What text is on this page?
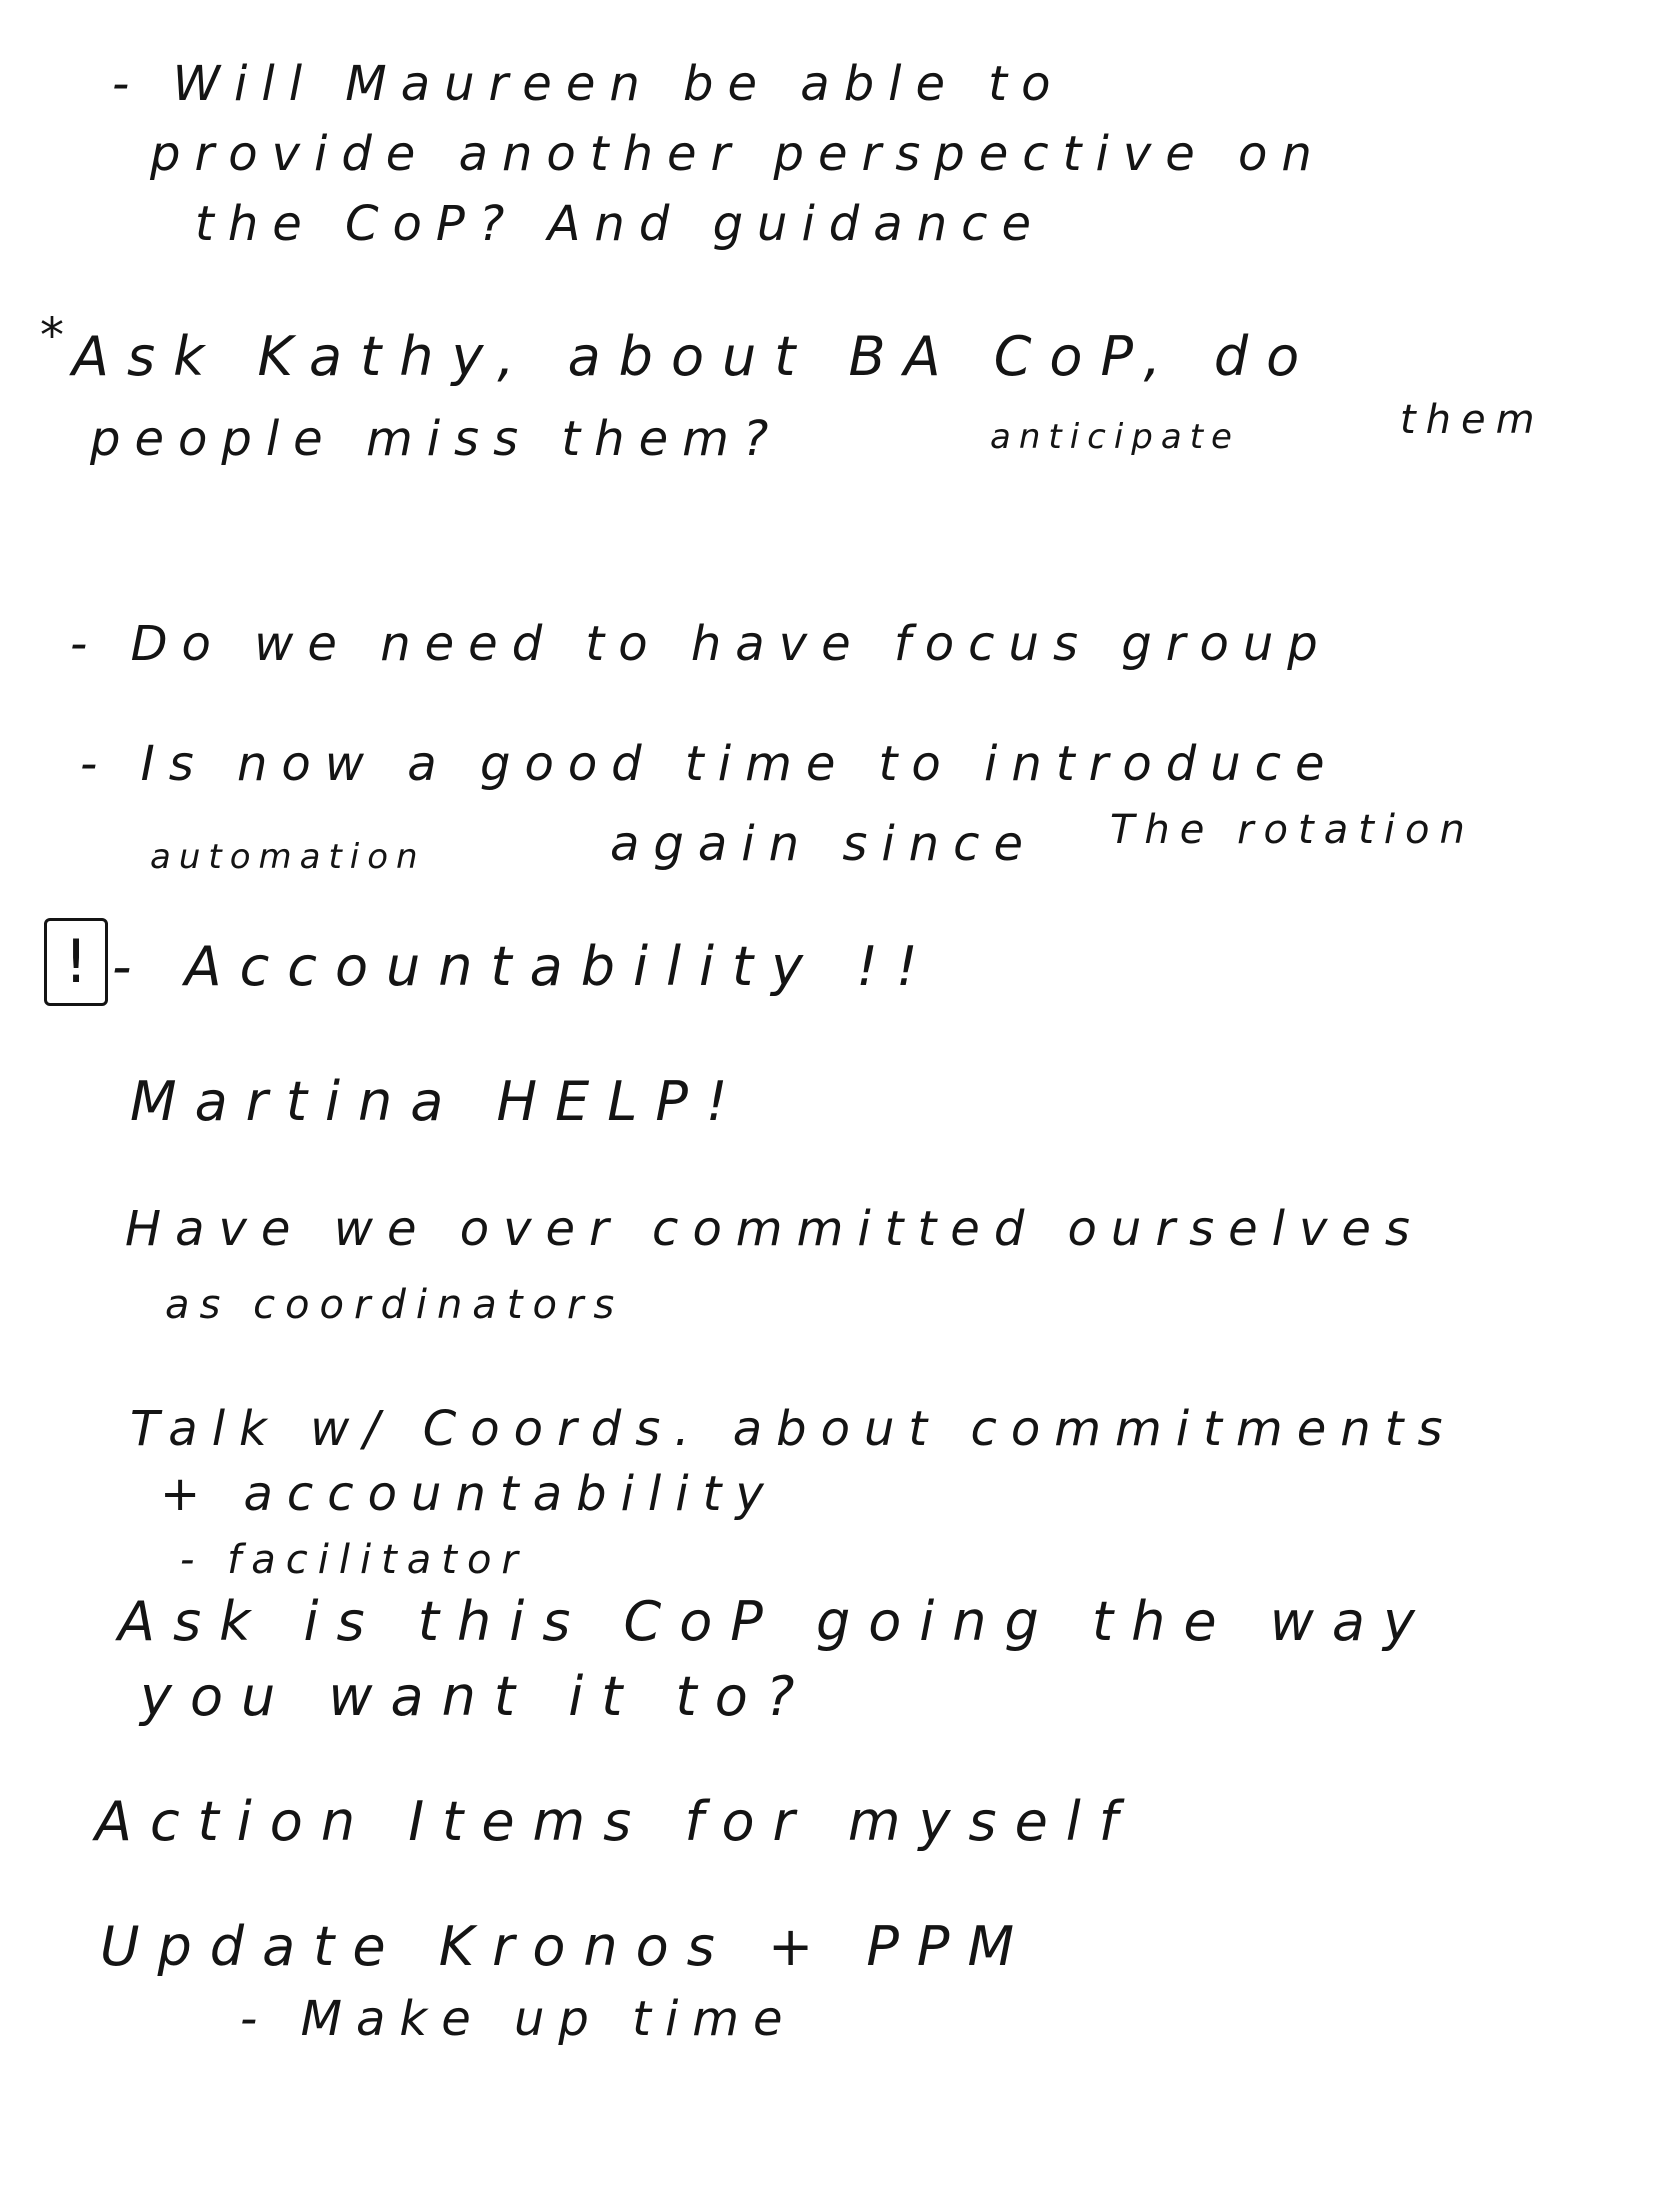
- Will Maureen be able to
provide another perspective on
the CoP? And guidance
*
Ask Kathy, about BA CoP, do
people miss them?	anticipate	them
- Do we need to have focus group
- Is now a good time to introduce
automation	again since The rotation
! - Accountability !!
Martina HELP!
Have we over committed ourselves
as coordinators
Talk w/ Coords. about commitments
+ accountability
- facilitator
Ask is this CoP going the way
you want it to?
Action Items for myself
Update Kronos + PPM
- Make up time
